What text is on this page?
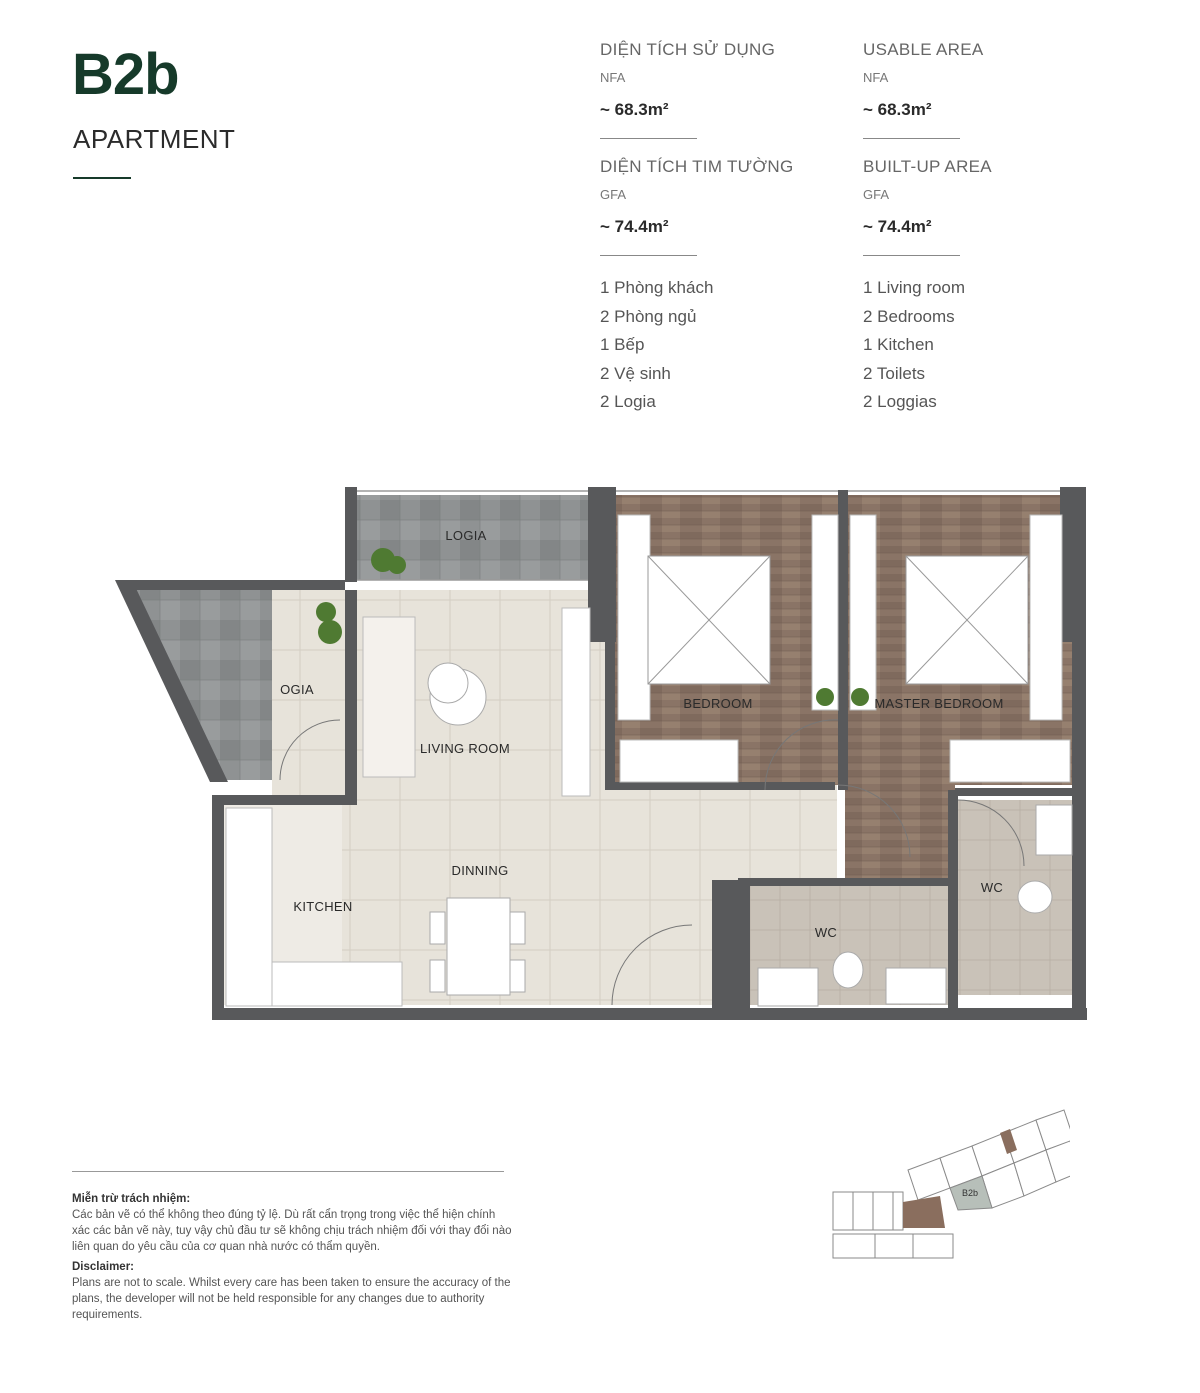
B2b
APARTMENT
DIỆN TÍCH SỬ DỤNG
NFA
~ 68.3m²
DIỆN TÍCH TIM TƯỜNG
GFA
~ 74.4m²
1 Phòng khách
2 Phòng ngủ
1 Bếp
2 Vệ sinh
2 Logia
USABLE AREA
NFA
~ 68.3m²
BUILT-UP AREA
GFA
~ 74.4m²
1 Living room
2 Bedrooms
1 Kitchen
2 Toilets
2 Loggias
LOGIA
OGIA
LIVING ROOM
BEDROOM	MASTER BEDROOM
KITCHEN
DINNING
WC
WC
Miễn trừ trách nhiệm:
Các bản vẽ có thể không theo đúng tỷ lệ. Dù rất cẩn trọng trong việc thể hiện chính xác các bản vẽ này, tuy vậy chủ đầu tư sẽ không chịu trách nhiệm đối với thay đổi nào liên quan do yêu cầu của cơ quan nhà nước có thẩm quyền.
Disclaimer:
Plans are not to scale. Whilst every care has been taken to ensure the accuracy of the plans, the developer will not be held responsible for any changes due to authority requirements.
B2b
